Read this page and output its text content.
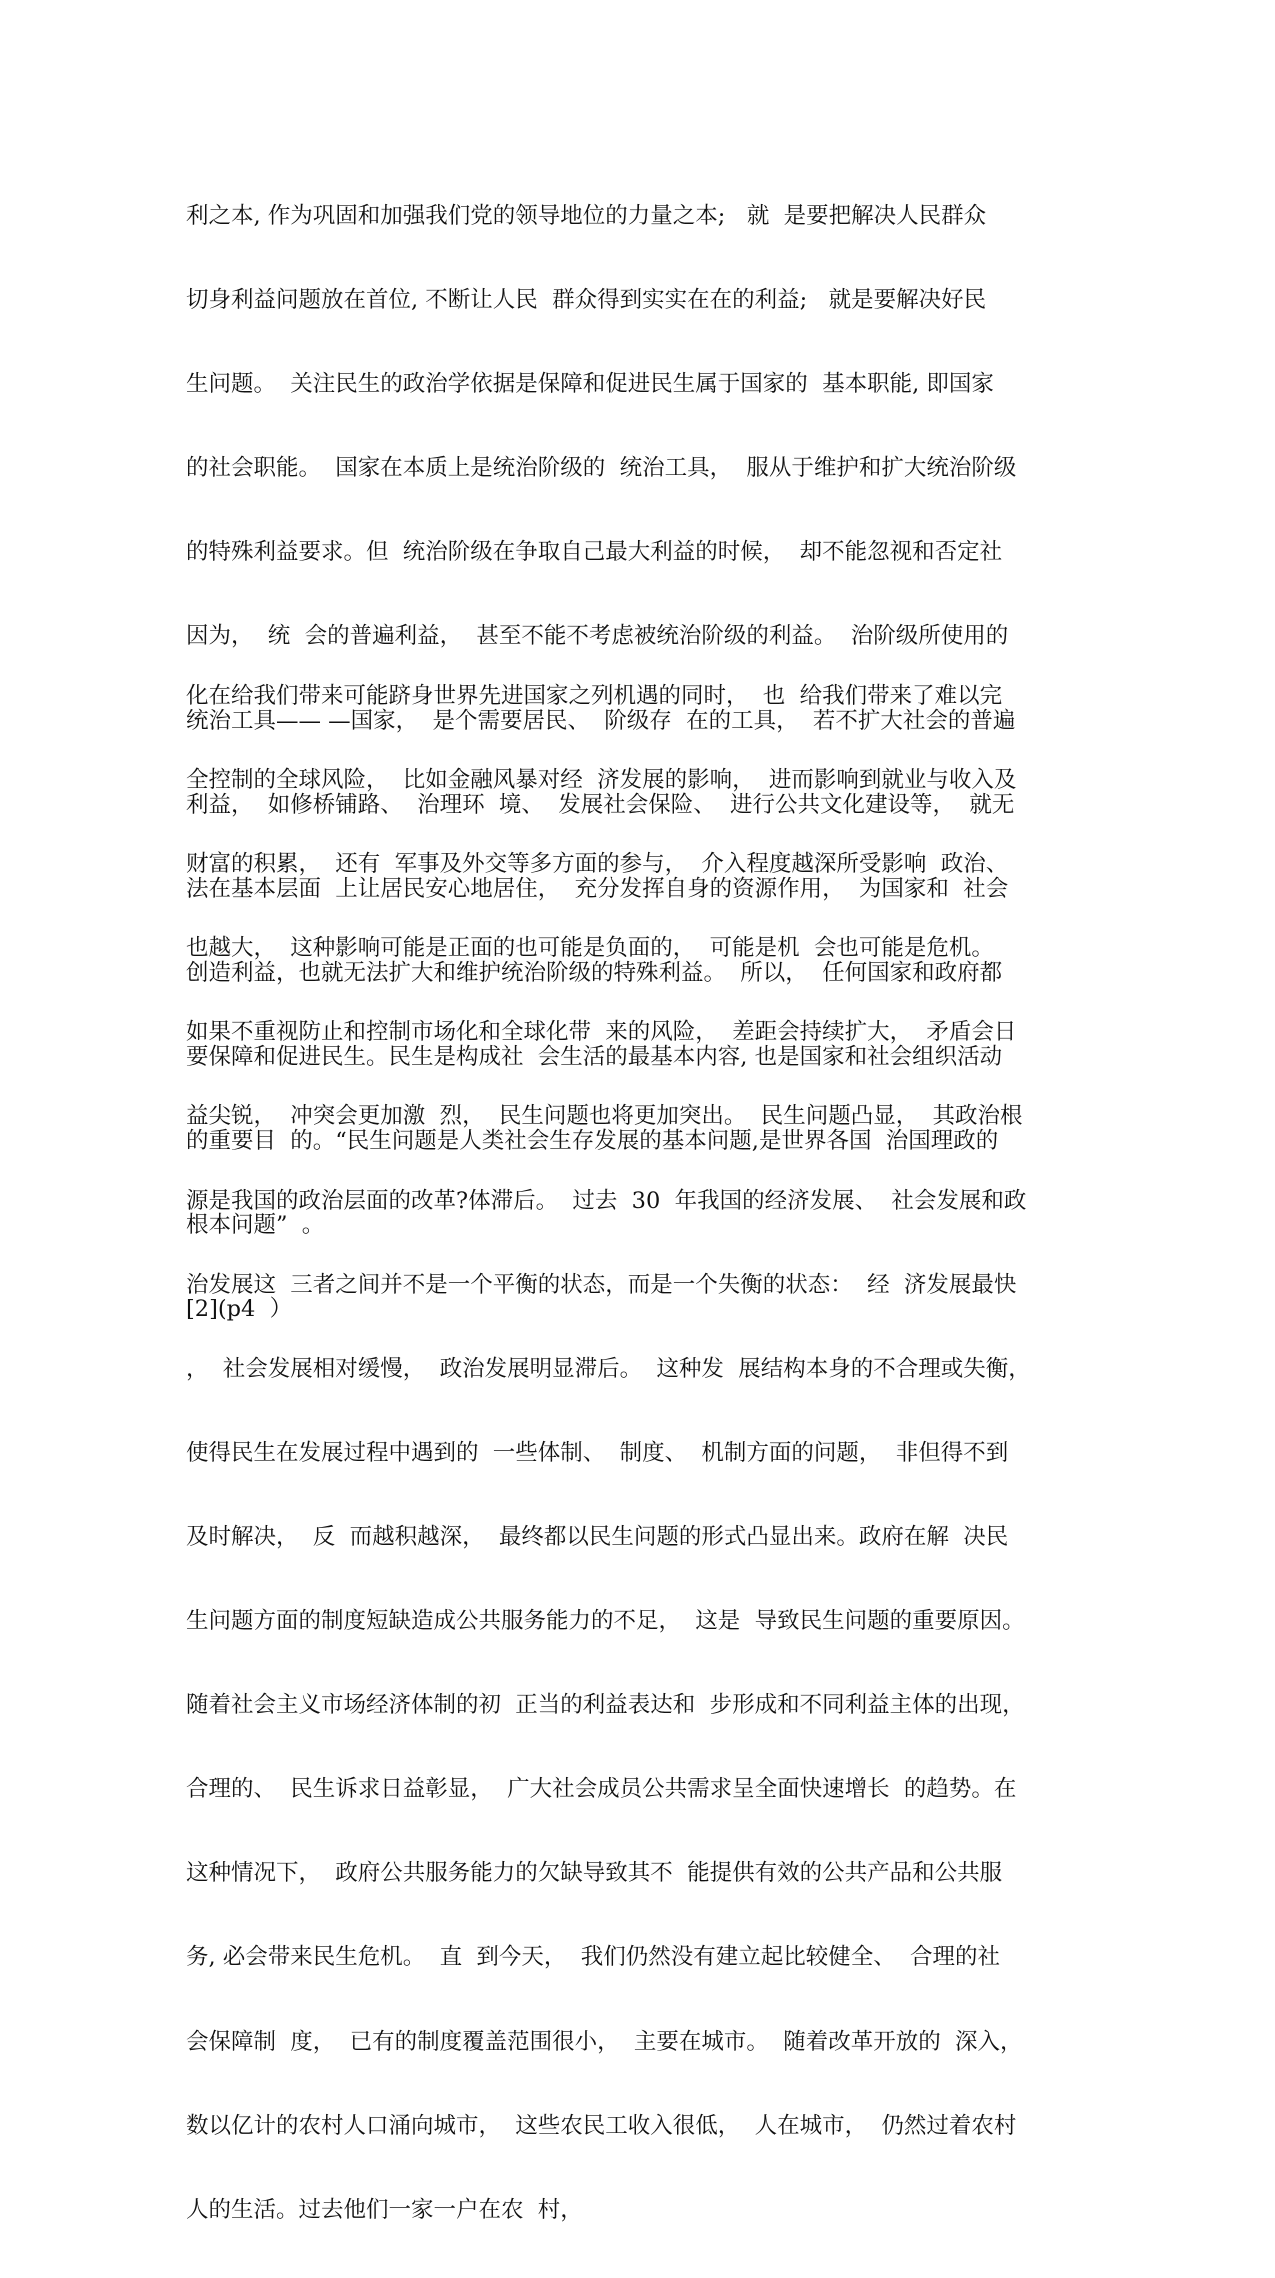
利之本, 作为巩固和加强我们党的领导地位的力量之本;   就  是要把解决人民群众

切身利益问题放在首位, 不断让人民  群众得到实实在在的利益;   就是要解决好民

生问题。  关注民生的政治学依据是保障和促进民生属于国家的  基本职能, 即国家

的社会职能。  国家在本质上是统治阶级的  统治工具，  服从于维护和扩大统治阶级

的特殊利益要求。但  统治阶级在争取自己最大利益的时候，  却不能忽视和否定社

因为，  统  会的普遍利益，  甚至不能不考虑被统治阶级的利益。  治阶级所使用的

统治工具—— —国家，  是个需要居民、  阶级存  在的工具，  若不扩大社会的普遍

利益，  如修桥铺路、  治理环  境、  发展社会保险、  进行公共文化建设等，  就无

法在基本层面  上让居民安心地居住，  充分发挥自身的资源作用，  为国家和  社会

创造利益，也就无法扩大和维护统治阶级的特殊利益。  所以，  任何国家和政府都

要保障和促进民生。民生是构成社  会生活的最基本内容, 也是国家和社会组织活动

的重要目  的。“民生问题是人类社会生存发展的基本问题,是世界各国  治国理政的

根本问题”  。

[2](p4  ）

化在给我们带来可能跻身世界先进国家之列机遇的同时，  也  给我们带来了难以完

全控制的全球风险，  比如金融风暴对经  济发展的影响，  进而影响到就业与收入及

财富的积累，  还有  军事及外交等多方面的参与，  介入程度越深所受影响  政治、

也越大，  这种影响可能是正面的也可能是负面的，  可能是机  会也可能是危机。

如果不重视防止和控制市场化和全球化带  来的风险，  差距会持续扩大，  矛盾会日

益尖锐，  冲突会更加激  烈，  民生问题也将更加突出。  民生问题凸显，  其政治根

源是我国的政治层面的改革?体滞后。  过去  30  年我国的经济发展、  社会发展和政

治发展这  三者之间并不是一个平衡的状态，而是一个失衡的状态：  经  济发展最快

，  社会发展相对缓慢，  政治发展明显滞后。  这种发  展结构本身的不合理或失衡，

使得民生在发展过程中遇到的  一些体制、  制度、  机制方面的问题，  非但得不到

及时解决，  反  而越积越深，  最终都以民生问题的形式凸显出来。政府在解  决民

生问题方面的制度短缺造成公共服务能力的不足，  这是  导致民生问题的重要原因。

随着社会主义市场经济体制的初  正当的利益表达和  步形成和不同利益主体的出现，

合理的、  民生诉求日益彰显，  广大社会成员公共需求呈全面快速增长  的趋势。在

这种情况下，  政府公共服务能力的欠缺导致其不  能提供有效的公共产品和公共服

务, 必会带来民生危机。  直  到今天，  我们仍然没有建立起比较健全、  合理的社

会保障制  度，  已有的制度覆盖范围很小，  主要在城市。  随着改革开放的  深入，

数以亿计的农村人口涌向城市，  这些农民工收入很低，  人在城市，  仍然过着农村

人的生活。过去他们一家一户在农  村，
